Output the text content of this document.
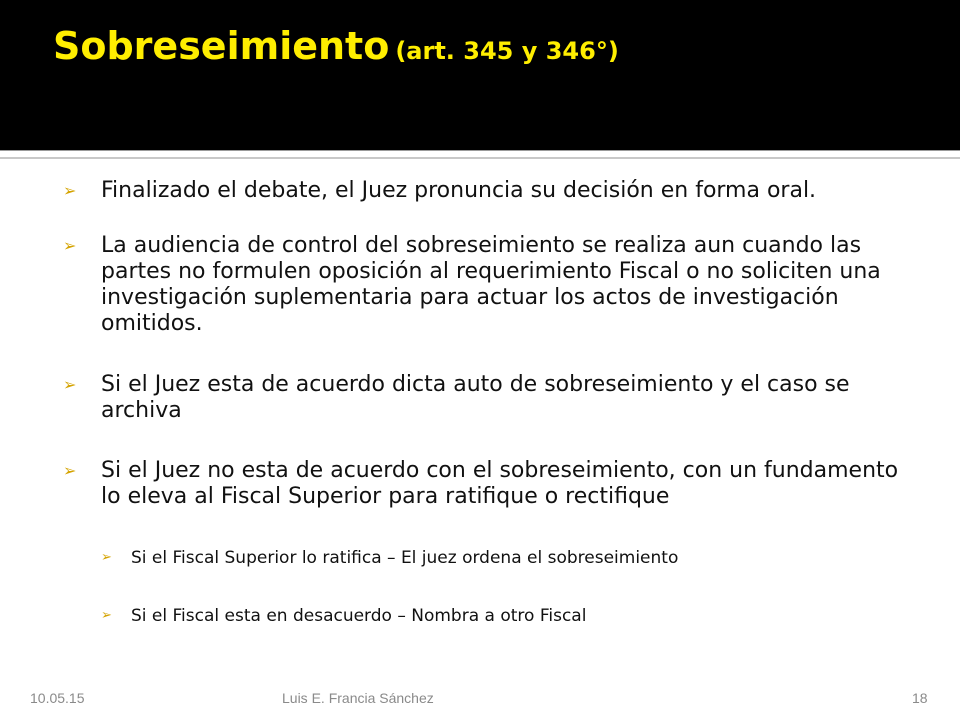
Sobreseimiento (art. 345 y 346°)

➢ Finalizado el debate, el Juez pronuncia su decisión en forma oral.

➢ La audiencia de control del sobreseimiento se realiza aun cuando las partes no formulen oposición al requerimiento Fiscal o no soliciten una investigación suplementaria para actuar los actos de investigación omitidos.

➢ Si el Juez esta de acuerdo dicta auto de sobreseimiento y el caso se archiva

➢ Si el Juez no esta de acuerdo con el sobreseimiento, con un fundamento lo eleva al Fiscal Superior para ratifique o rectifique

➢ Si el Fiscal Superior lo ratifica – El juez ordena el sobreseimiento

➢ Si el Fiscal esta en desacuerdo – Nombra a otro Fiscal

10.05.15	Luis E. Francia Sánchez	18
